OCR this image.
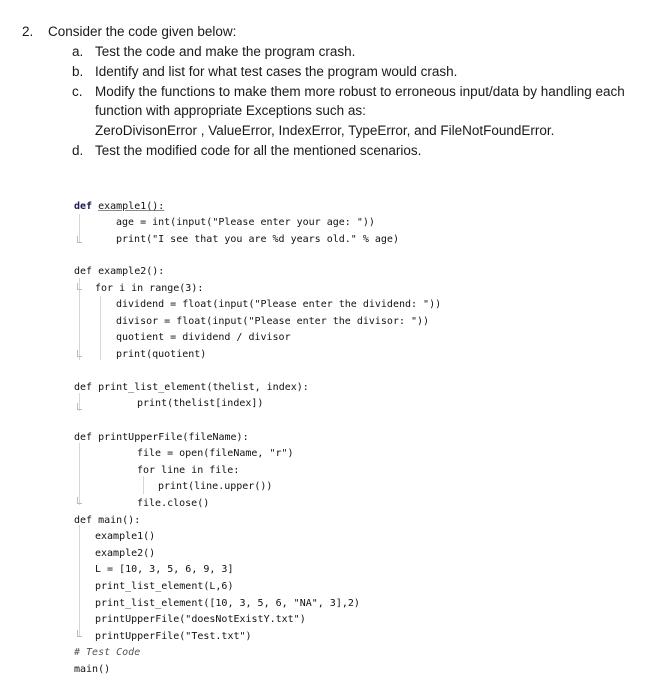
2. Consider the code given below:
a. Test the code and make the program crash.
b. Identify and list for what test cases the program would crash.
c. Modify the functions to make them more robust to erroneous input/data by handling each
function with appropriate Exceptions such as:
ZeroDivisonError , ValueError, IndexError, TypeError, and FileNotFoundError.
d. Test the modified code for all the mentioned scenarios.
def example1():
age = int(input("Please enter your age: "))
print("I see that you are %d years old." % age)
def example2():
for i in range(3):
dividend = float(input("Please enter the dividend: "))
divisor = float(input("Please enter the divisor: "))
quotient = dividend / divisor
print(quotient)
def print_list_element(thelist, index):
print(thelist[index])
def printUpperFile(fileName):
file = open(fileName, "r")
for line in file:
print(line.upper())
file.close()
def main():
example1()
example2()
L = [10, 3, 5, 6, 9, 3]
print_list_element(L,6)
print_list_element([10, 3, 5, 6, "NA", 3],2)
printUpperFile("doesNotExistY.txt")
printUpperFile("Test.txt")
# Test Code
main()
